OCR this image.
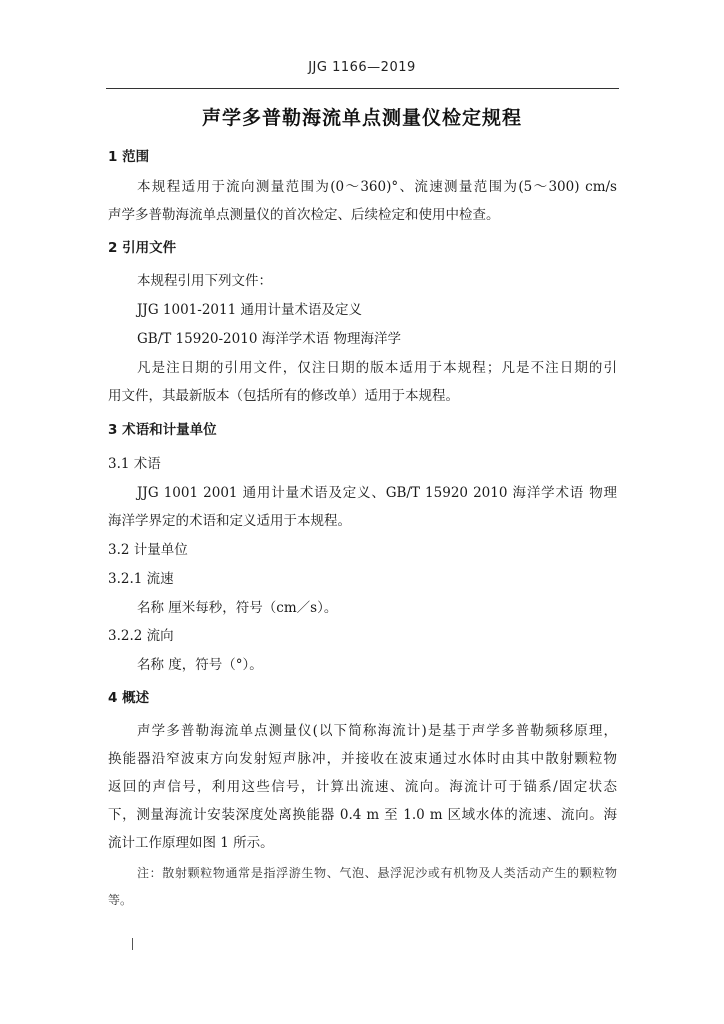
JJG 1166—2019
声学多普勒海流单点测量仪检定规程
1 范围
本规程适用于流向测量范围为(0～360)°、流速测量范围为(5～300) cm/s
声学多普勒海流单点测量仪的首次检定、后续检定和使用中检查。
2 引用文件
本规程引用下列文件：
JJG 1001-2011 通用计量术语及定义
GB/T 15920-2010 海洋学术语 物理海洋学
凡是注日期的引用文件，仅注日期的版本适用于本规程；凡是不注日期的引
用文件，其最新版本（包括所有的修改单）适用于本规程。
3 术语和计量单位
3.1 术语
JJG 1001 2001 通用计量术语及定义、GB/T 15920 2010 海洋学术语 物理
海洋学界定的术语和定义适用于本规程。
3.2 计量单位
3.2.1 流速
名称 厘米每秒，符号（cm／s）。
3.2.2 流向
名称 度，符号（°）。
4 概述
声学多普勒海流单点测量仪(以下简称海流计)是基于声学多普勒频移原理，
换能器沿窄波束方向发射短声脉冲，并接收在波束通过水体时由其中散射颗粒物
返回的声信号，利用这些信号，计算出流速、流向。海流计可于锚系/固定状态
下，测量海流计安装深度处离换能器 0.4 m 至 1.0 m 区域水体的流速、流向。海
流计工作原理如图 1 所示。
注：散射颗粒物通常是指浮游生物、气泡、悬浮泥沙或有机物及人类活动产生的颗粒物
等。
